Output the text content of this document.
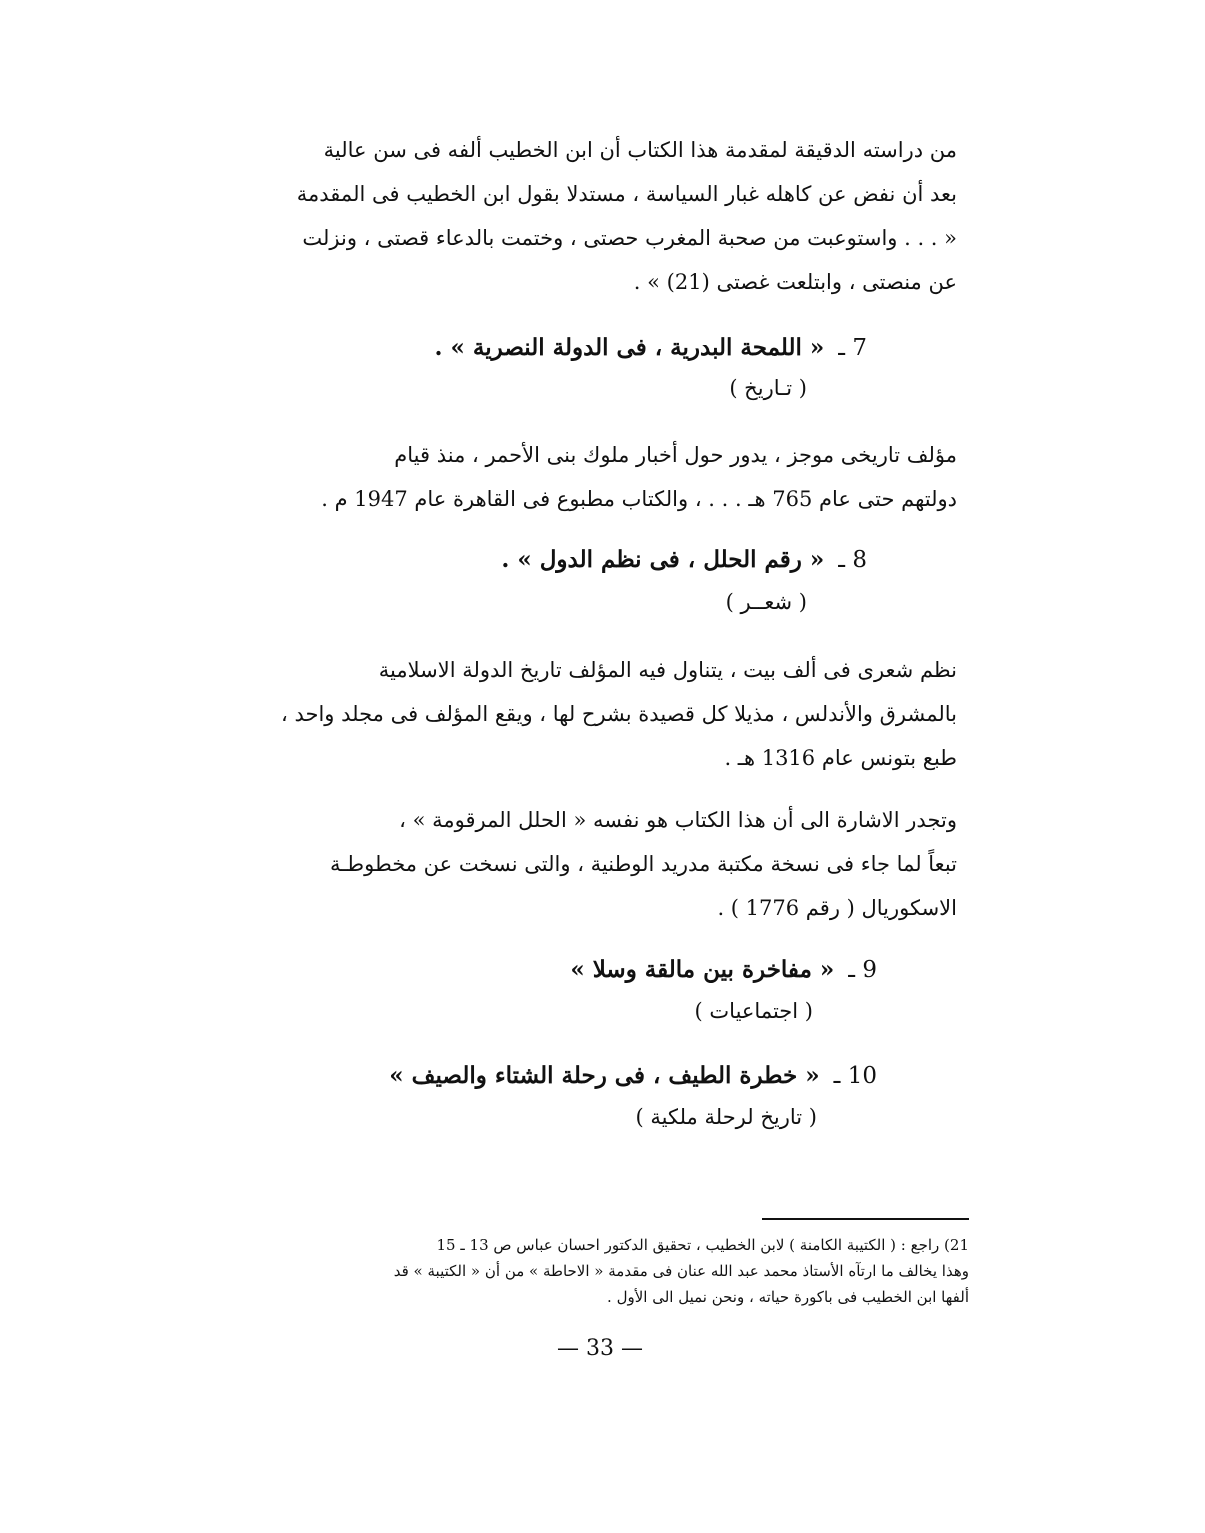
من دراسته الدقيقة لمقدمة هذا الكتاب أن ابن الخطيب ألفه فى سن عالية
بعد أن نفض عن كاهله غبار السياسة ، مستدلا بقول ابن الخطيب فى المقدمة
« . . . واستوعبت من صحبة المغرب حصتى ، وختمت بالدعاء قصتى ، ونزلت
عن منصتى ، وابتلعت غصتى (21) » .
7 ـ « اللمحة البدرية ، فى الدولة النصرية » .
( تـاريخ )
مؤلف تاريخى موجز ، يدور حول أخبار ملوك بنى الأحمر ، منذ قيام
دولتهم حتى عام 765 هـ . . . ، والكتاب مطبوع فى القاهرة عام 1947 م .
8 ـ « رقم الحلل ، فى نظم الدول » .
( شعــر )
نظم شعرى فى ألف بيت ، يتناول فيه المؤلف تاريخ الدولة الاسلامية
بالمشرق والأندلس ، مذيلا كل قصيدة بشرح لها ، ويقع المؤلف فى مجلد واحد ،
طبع بتونس عام 1316 هـ .
وتجدر الاشارة الى أن هذا الكتاب هو نفسه « الحلل المرقومة » ،
تبعاً لما جاء فى نسخة مكتبة مدريد الوطنية ، والتى نسخت عن مخطوطـة
الاسكوريال ( رقم 1776 ) .
9 ـ « مفاخرة بين مالقة وسلا »
( اجتماعيات )
10 ـ « خطرة الطيف ، فى رحلة الشتاء والصيف »
( تاريخ لرحلة ملكية )
21) راجع : ( الكتيبة الكامنة ) لابن الخطيب ، تحقيق الدكتور احسان عباس ص 13 ـ 15
وهذا يخالف ما ارتآه الأستاذ محمد عبد الله عنان فى مقدمة « الاحاطة » من أن « الكتيبة » قد
ألفها ابن الخطيب فى باكورة حياته ، ونحن نميل الى الأول .
— 33 —
